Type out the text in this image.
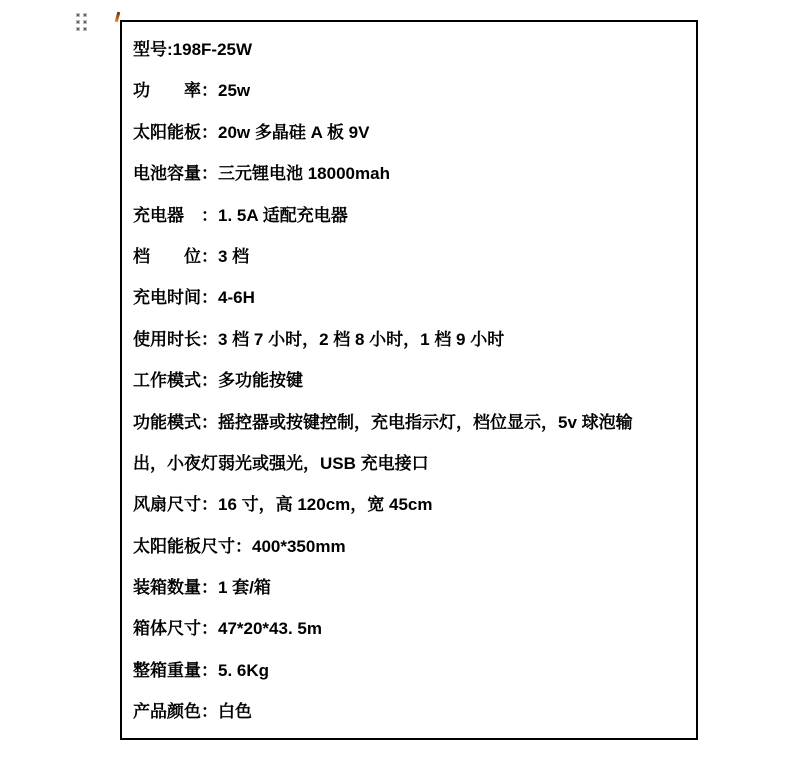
型号:198F-25W
功　　率：25w
太阳能板：20w 多晶硅 A 板 9V
电池容量：三元锂电池 18000mah
充电器　：1. 5A 适配充电器
档　　位：3 档
充电时间：4-6H
使用时长：3 档 7 小时，2 档 8 小时，1 档 9 小时
工作模式：多功能按键
功能模式：摇控器或按键控制，充电指示灯，档位显示，5v 球泡输
出，小夜灯弱光或强光，USB 充电接口
风扇尺寸：16 寸，高 120cm，宽 45cm
太阳能板尺寸：400*350mm
装箱数量：1 套/箱
箱体尺寸：47*20*43. 5m
整箱重量：5. 6Kg
产品颜色：白色
